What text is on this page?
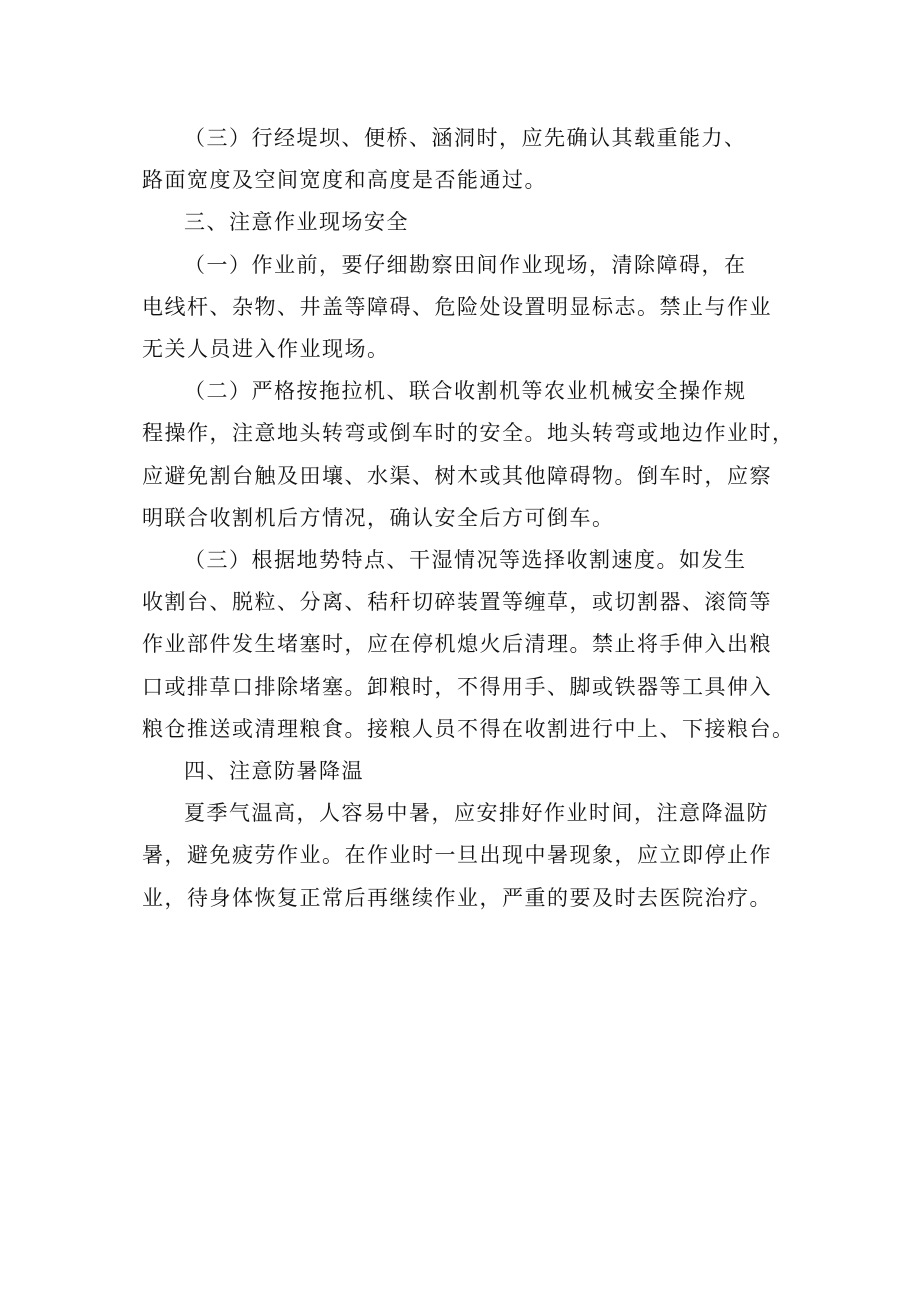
（三）行经堤坝、便桥、涵洞时，应先确认其载重能力、
路面宽度及空间宽度和高度是否能通过。
三、注意作业现场安全
（一）作业前，要仔细勘察田间作业现场，清除障碍，在
电线杆、杂物、井盖等障碍、危险处设置明显标志。禁止与作业
无关人员进入作业现场。
（二）严格按拖拉机、联合收割机等农业机械安全操作规
程操作，注意地头转弯或倒车时的安全。地头转弯或地边作业时，
应避免割台触及田壤、水渠、树木或其他障碍物。倒车时，应察
明联合收割机后方情况，确认安全后方可倒车。
（三）根据地势特点、干湿情况等选择收割速度。如发生
收割台、脱粒、分离、秸秆切碎装置等缠草，或切割器、滚筒等
作业部件发生堵塞时，应在停机熄火后清理。禁止将手伸入出粮
口或排草口排除堵塞。卸粮时，不得用手、脚或铁器等工具伸入
粮仓推送或清理粮食。接粮人员不得在收割进行中上、下接粮台。
四、注意防暑降温
夏季气温高，人容易中暑，应安排好作业时间，注意降温防
暑，避免疲劳作业。在作业时一旦出现中暑现象，应立即停止作
业，待身体恢复正常后再继续作业，严重的要及时去医院治疗。
